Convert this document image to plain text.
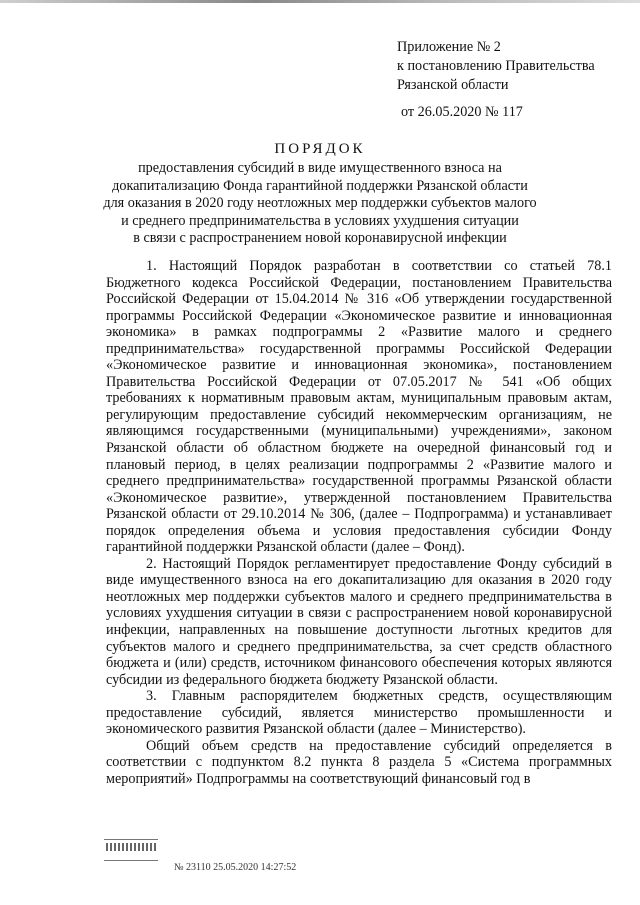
Приложение № 2
к постановлению Правительства
Рязанской области
от 26.05.2020 № 117
ПОРЯДОК
предоставления субсидий в виде имущественного взноса на
докапитализацию Фонда гарантийной поддержки Рязанской области
для оказания в 2020 году неотложных мер поддержки субъектов малого
и среднего предпринимательства в условиях ухудшения ситуации
в связи с распространением новой коронавирусной инфекции

1. Настоящий Порядок разработан в соответствии со статьей 78.1 Бюджетного кодекса Российской Федерации, постановлением Правительства Российской Федерации от 15.04.2014 № 316 «Об утверждении государственной программы Российской Федерации «Экономическое развитие и инновационная экономика» в рамках подпрограммы 2 «Развитие малого и среднего предпринимательства» государственной программы Российской Федерации «Экономическое развитие и инновационная экономика», постановлением Правительства Российской Федерации от 07.05.2017 № 541 «Об общих требованиях к нормативным правовым актам, муниципальным правовым актам, регулирующим предоставление субсидий некоммерческим организациям, не являющимся государственными (муниципальными) учреждениями», законом Рязанской области об областном бюджете на очередной финансовый год и плановый период, в целях реализации подпрограммы 2 «Развитие малого и среднего предпринимательства» государственной программы Рязанской области «Экономическое развитие», утвержденной постановлением Правительства Рязанской области от 29.10.2014 № 306, (далее – Подпрограмма) и устанавливает порядок определения объема и условия предоставления субсидии Фонду гарантийной поддержки Рязанской области (далее – Фонд).

2. Настоящий Порядок регламентирует предоставление Фонду субсидий в виде имущественного взноса на его докапитализацию для оказания в 2020 году неотложных мер поддержки субъектов малого и среднего предпринимательства в условиях ухудшения ситуации в связи с распространением новой коронавирусной инфекции, направленных на повышение доступности льготных кредитов для субъектов малого и среднего предпринимательства, за счет средств областного бюджета и (или) средств, источником финансового обеспечения которых являются субсидии из федерального бюджета бюджету Рязанской области.

3. Главным распорядителем бюджетных средств, осуществляющим предоставление субсидий, является министерство промышленности и экономического развития Рязанской области (далее – Министерство).

Общий объем средств на предоставление субсидий определяется в соответствии с подпунктом 8.2 пункта 8 раздела 5 «Система программных мероприятий» Подпрограммы на соответствующий финансовый год в

№ 23110 25.05.2020 14:27:52
